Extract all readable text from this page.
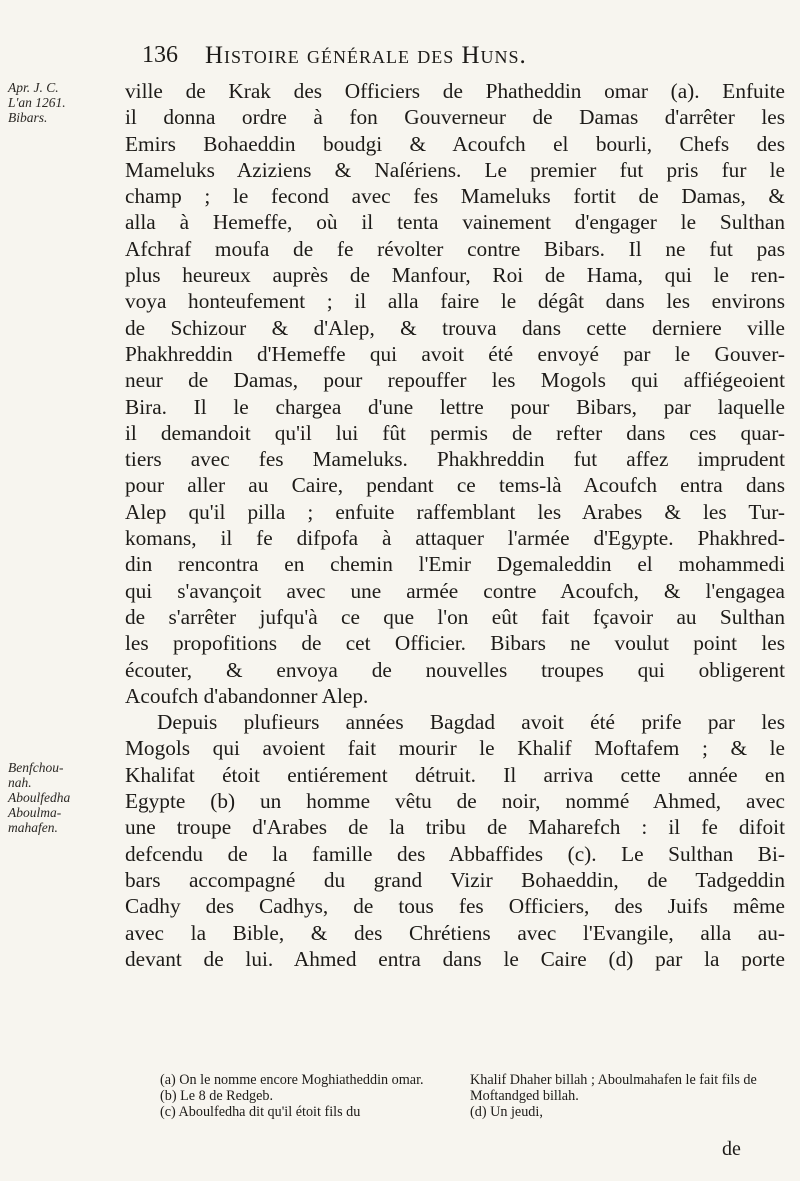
136 Histoire générale des Huns.
Apr. J. C.
L'an 1261.
Bibars.
Benfchou-
nah.
Aboulfedha
Aboulma-
mahafen.
ville de Krak des Officiers de Phatheddin omar (a). Enfuite
il donna ordre à fon Gouverneur de Damas d'arrêter les
Emirs Bohaeddin boudgi & Acoufch el bourli, Chefs des
Mameluks Aziziens & Naſériens. Le premier fut pris fur le
champ ; le fecond avec fes Mameluks fortit de Damas, &
alla à Hemeffe, où il tenta vainement d'engager le Sulthan
Afchraf moufa de fe révolter contre Bibars. Il ne fut pas
plus heureux auprès de Manfour, Roi de Hama, qui le ren-
voya honteufement ; il alla faire le dégât dans les environs
de Schizour & d'Alep, & trouva dans cette derniere ville
Phakhreddin d'Hemeffe qui avoit été envoyé par le Gouver-
neur de Damas, pour repouffer les Mogols qui affiégeoient
Bira. Il le chargea d'une lettre pour Bibars, par laquelle
il demandoit qu'il lui fût permis de refter dans ces quar-
tiers avec fes Mameluks. Phakhreddin fut affez imprudent
pour aller au Caire, pendant ce tems-là Acoufch entra dans
Alep qu'il pilla ; enfuite raffemblant les Arabes & les Tur-
komans, il fe difpofa à attaquer l'armée d'Egypte. Phakhred-
din rencontra en chemin l'Emir Dgemaleddin el mohammedi
qui s'avançoit avec une armée contre Acoufch, & l'engagea
de s'arrêter jufqu'à ce que l'on eût fait fçavoir au Sulthan
les propofitions de cet Officier. Bibars ne voulut point les
écouter, & envoya de nouvelles troupes qui obligerent
Acoufch d'abandonner Alep.
Depuis plufieurs années Bagdad avoit été prife par les
Mogols qui avoient fait mourir le Khalif Moftafem ; & le
Khalifat étoit entiérement détruit. Il arriva cette année en
Egypte (b) un homme vêtu de noir, nommé Ahmed, avec
une troupe d'Arabes de la tribu de Maharefch : il fe difoit
defcendu de la famille des Abbaffides (c). Le Sulthan Bi-
bars accompagné du grand Vizir Bohaeddin, de Tadgeddin
Cadhy des Cadhys, de tous fes Officiers, des Juifs même
avec la Bible, & des Chrétiens avec l'Evangile, alla au-
devant de lui. Ahmed entra dans le Caire (d) par la porte
(a) On le nomme encore Moghiatheddin omar.
(b) Le 8 de Redgeb.
(c) Aboulfedha dit qu'il étoit fils du
Khalif Dhaher billah ; Aboulmahafen le fait fils de Moftandged billah.
(d) Un jeudi,
de
